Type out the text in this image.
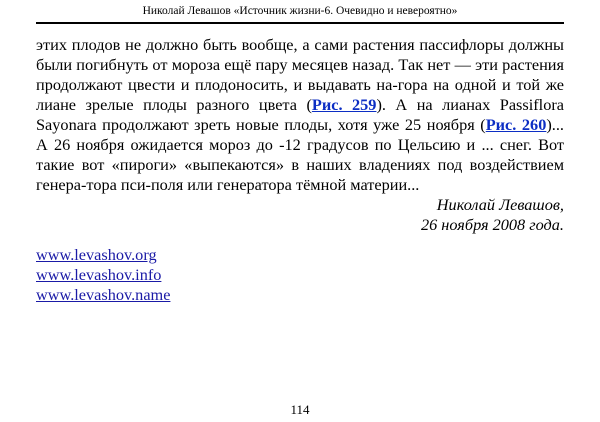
Николай Левашов «Источник жизни-6. Очевидно и невероятно»

этих плодов не должно быть вообще, а сами растения пассифлоры должны были погибнуть от мороза ещё пару месяцев назад. Так нет — эти растения продолжают цвести и плодоносить, и выдавать на-гора на одной и той же лиане зрелые плоды разного цвета (Рис. 259). А на лианах Passiflora Sayonara продолжают зреть новые плоды, хотя уже 25 ноября (Рис. 260)... А 26 ноября ожидается мороз до -12 градусов по Цельсию и ... снег. Вот такие вот «пироги» «выпекаются» в наших владениях под воздействием генера-тора пси-поля или генератора тёмной материи...

Николай Левашов,
26 ноября 2008 года.
www.levashov.org
www.levashov.info
www.levashov.name
114
